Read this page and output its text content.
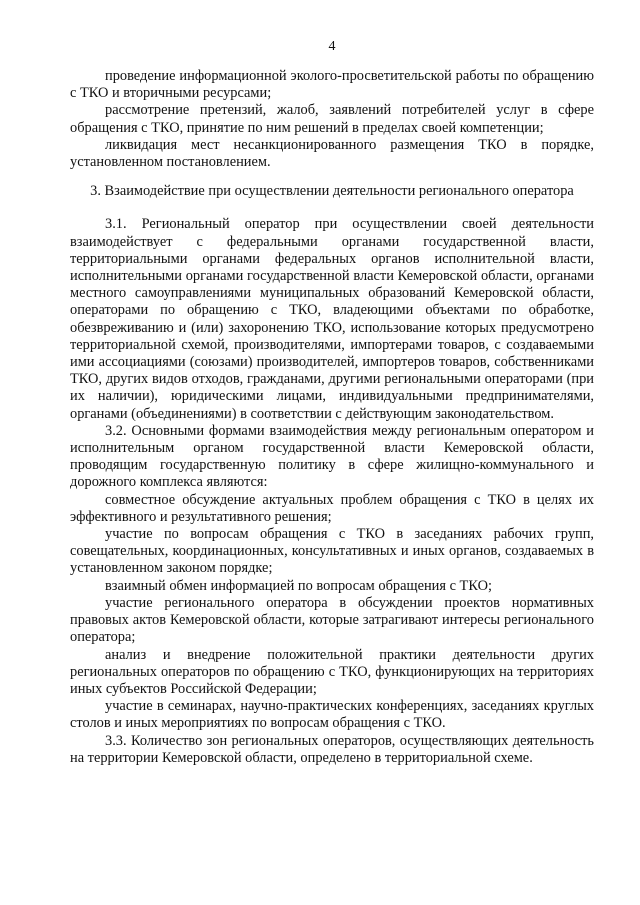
4

проведение информационной эколого-просветительской работы по обращению с ТКО и вторичными ресурсами;

рассмотрение претензий, жалоб, заявлений потребителей услуг в сфере обращения с ТКО, принятие по ним решений в пределах своей компетенции;

ликвидация мест несанкционированного размещения ТКО в порядке, установленном постановлением.

3. Взаимодействие при осуществлении деятельности регионального оператора

3.1. Региональный оператор при осуществлении своей деятельности взаимодействует с федеральными органами государственной власти, территориальными органами федеральных органов исполнительной власти, исполнительными органами государственной власти Кемеровской области, органами местного самоуправлениями муниципальных образований Кемеровской области, операторами по обращению с ТКО, владеющими объектами по обработке, обезвреживанию и (или) захоронению ТКО, использование которых предусмотрено территориальной схемой, производителями, импортерами товаров, с создаваемыми ими ассоциациями (союзами) производителей, импортеров товаров, собственниками ТКО, других видов отходов, гражданами, другими региональными операторами (при их наличии), юридическими лицами, индивидуальными предпринимателями, органами (объединениями) в соответствии с действующим законодательством.

3.2. Основными формами взаимодействия между региональным оператором и исполнительным органом государственной власти Кемеровской области, проводящим государственную политику в сфере жилищно-коммунального и дорожного комплекса являются:

совместное обсуждение актуальных проблем обращения с ТКО в целях их эффективного и результативного решения;

участие по вопросам обращения с ТКО в заседаниях рабочих групп, совещательных, координационных, консультативных и иных органов, создаваемых в установленном законом порядке;

взаимный обмен информацией по вопросам обращения с ТКО;

участие регионального оператора в обсуждении проектов нормативных правовых актов Кемеровской области, которые затрагивают интересы регионального оператора;

анализ и внедрение положительной практики деятельности других региональных операторов по обращению с ТКО, функционирующих на территориях иных субъектов Российской Федерации;

участие в семинарах, научно-практических конференциях, заседаниях круглых столов и иных мероприятиях по вопросам обращения с ТКО.

3.3. Количество зон региональных операторов, осуществляющих деятельность на территории Кемеровской области, определено в территориальной схеме.
